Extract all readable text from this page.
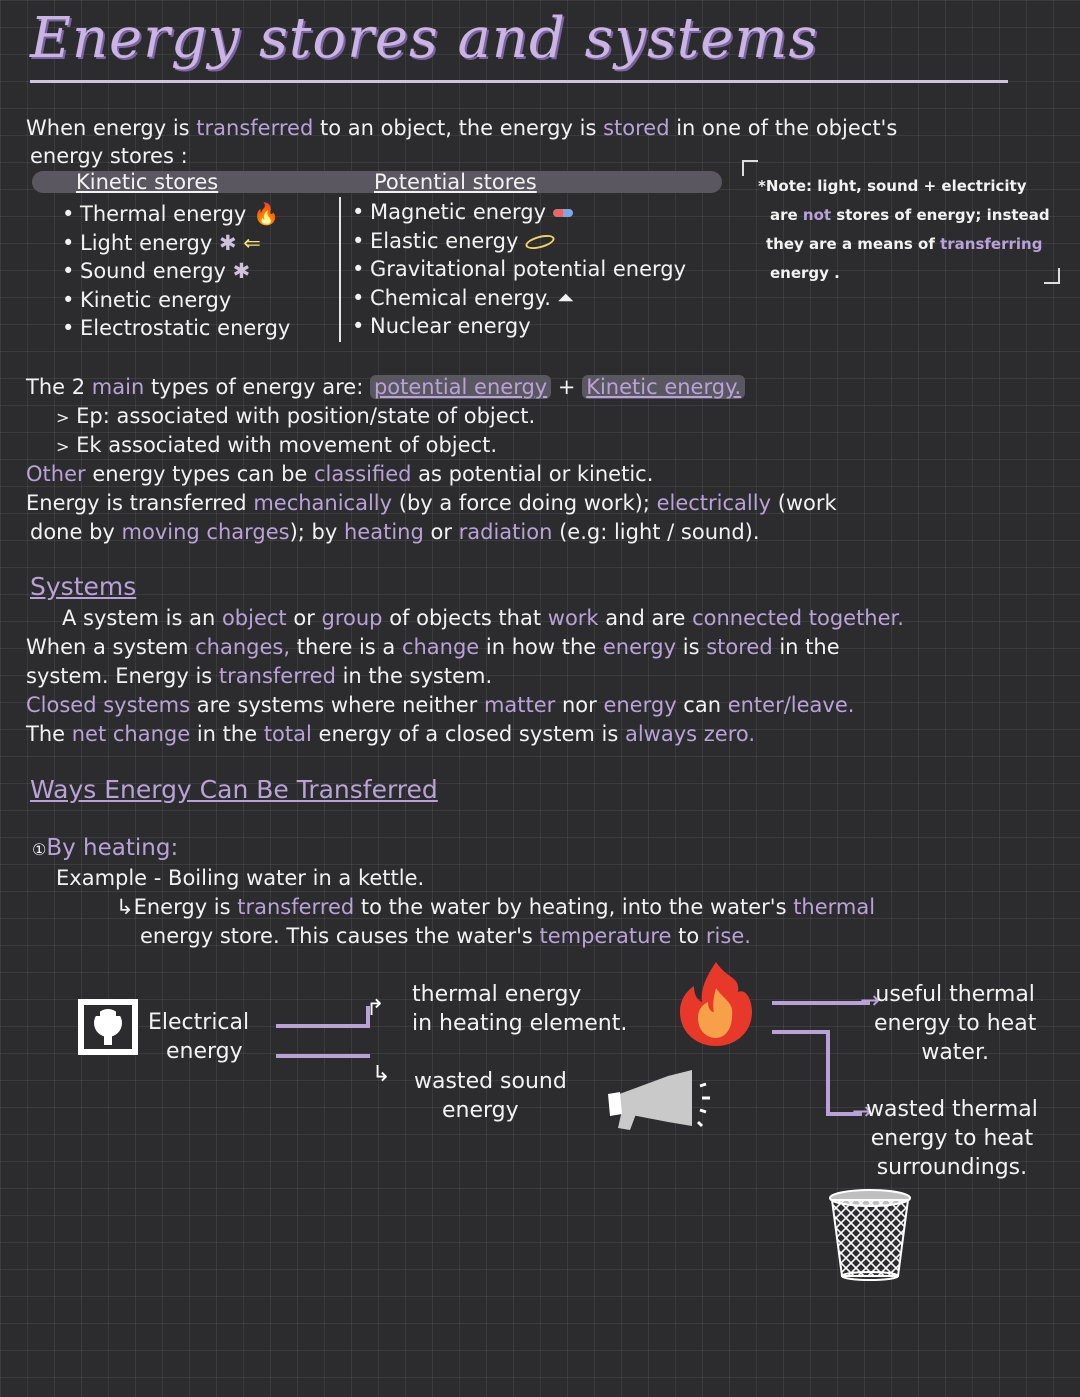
Energy stores and systems
When energy is transferred to an object, the energy is stored in one of the object's
energy stores :
Kinetic stores	Potential stores
• Thermal energy 🔥
• Light energy ✱ ⇐
• Sound energy ✱
• Kinetic energy
• Electrostatic energy
• Magnetic energy
• Elastic energy
• Gravitational potential energy
• Chemical energy. ⏶
• Nuclear energy
*Note: light, sound + electricity
are not stores of energy; instead
they are a means of transferring
energy .
The 2 main types of energy are: potential energy + Kinetic energy.
> Ep: associated with position/state of object.
> Ek associated with movement of object.
Other energy types can be classified as potential or kinetic.
Energy is transferred mechanically (by a force doing work); electrically (work
done by moving charges); by heating or radiation (e.g: light / sound).
Systems
A system is an object or group of objects that work and are connected together.
When a system changes, there is a change in how the energy is stored in the
system. Energy is transferred in the system.
Closed systems are systems where neither matter nor energy can enter/leave.
The net change in the total energy of a closed system is always zero.
Ways Energy Can Be Transferred
①By heating:
Example - Boiling water in a kettle.
↳Energy is transferred to the water by heating, into the water's thermal
energy store. This causes the water's temperature to rise.
Electrical
energy
↱
↳
thermal energy
in heating element.
wasted sound
energy
→
→
useful thermal
energy to heat
water.
wasted thermal
energy to heat
surroundings.
